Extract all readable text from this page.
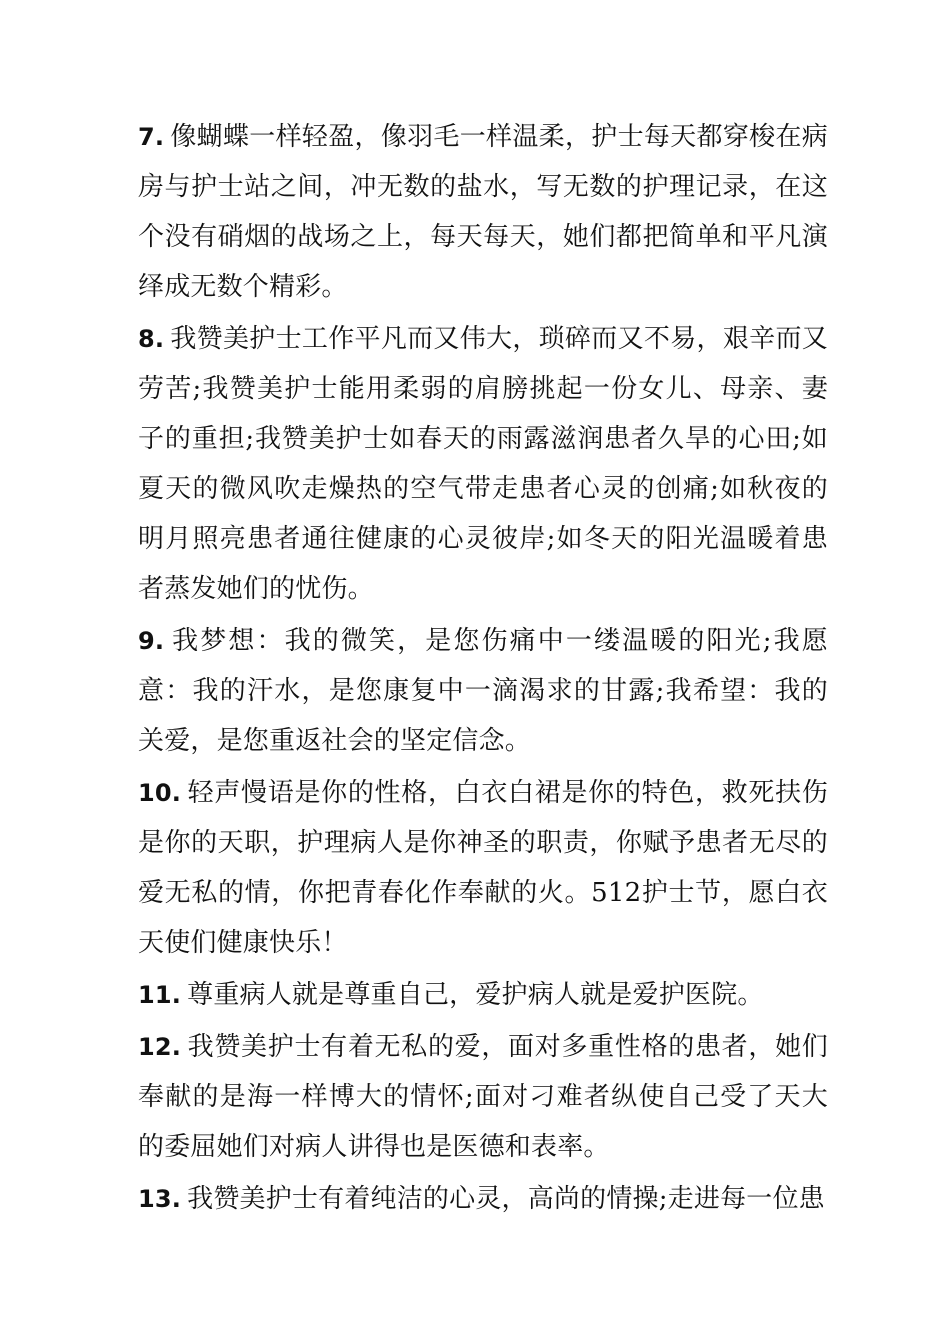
7. 像蝴蝶一样轻盈，像羽毛一样温柔，护士每天都穿梭在病房与护士站之间，冲无数的盐水，写无数的护理记录，在这个没有硝烟的战场之上，每天每天，她们都把简单和平凡演绎成无数个精彩。

8. 我赞美护士工作平凡而又伟大，琐碎而又不易，艰辛而又劳苦;我赞美护士能用柔弱的肩膀挑起一份女儿、母亲、妻子的重担;我赞美护士如春天的雨露滋润患者久旱的心田;如夏天的微风吹走燥热的空气带走患者心灵的创痛;如秋夜的明月照亮患者通往健康的心灵彼岸;如冬天的阳光温暖着患者蒸发她们的忧伤。

9. 我梦想：我的微笑，是您伤痛中一缕温暖的阳光;我愿意：我的汗水，是您康复中一滴渴求的甘露;我希望：我的关爱，是您重返社会的坚定信念。

10. 轻声慢语是你的性格，白衣白裙是你的特色，救死扶伤是你的天职，护理病人是你神圣的职责，你赋予患者无尽的爱无私的情，你把青春化作奉献的火。512护士节，愿白衣天使们健康快乐！

11. 尊重病人就是尊重自己，爱护病人就是爱护医院。

12. 我赞美护士有着无私的爱，面对多重性格的患者，她们奉献的是海一样博大的情怀;面对刁难者纵使自己受了天大的委屈她们对病人讲得也是医德和表率。

13. 我赞美护士有着纯洁的心灵，高尚的情操;走进每一位患
